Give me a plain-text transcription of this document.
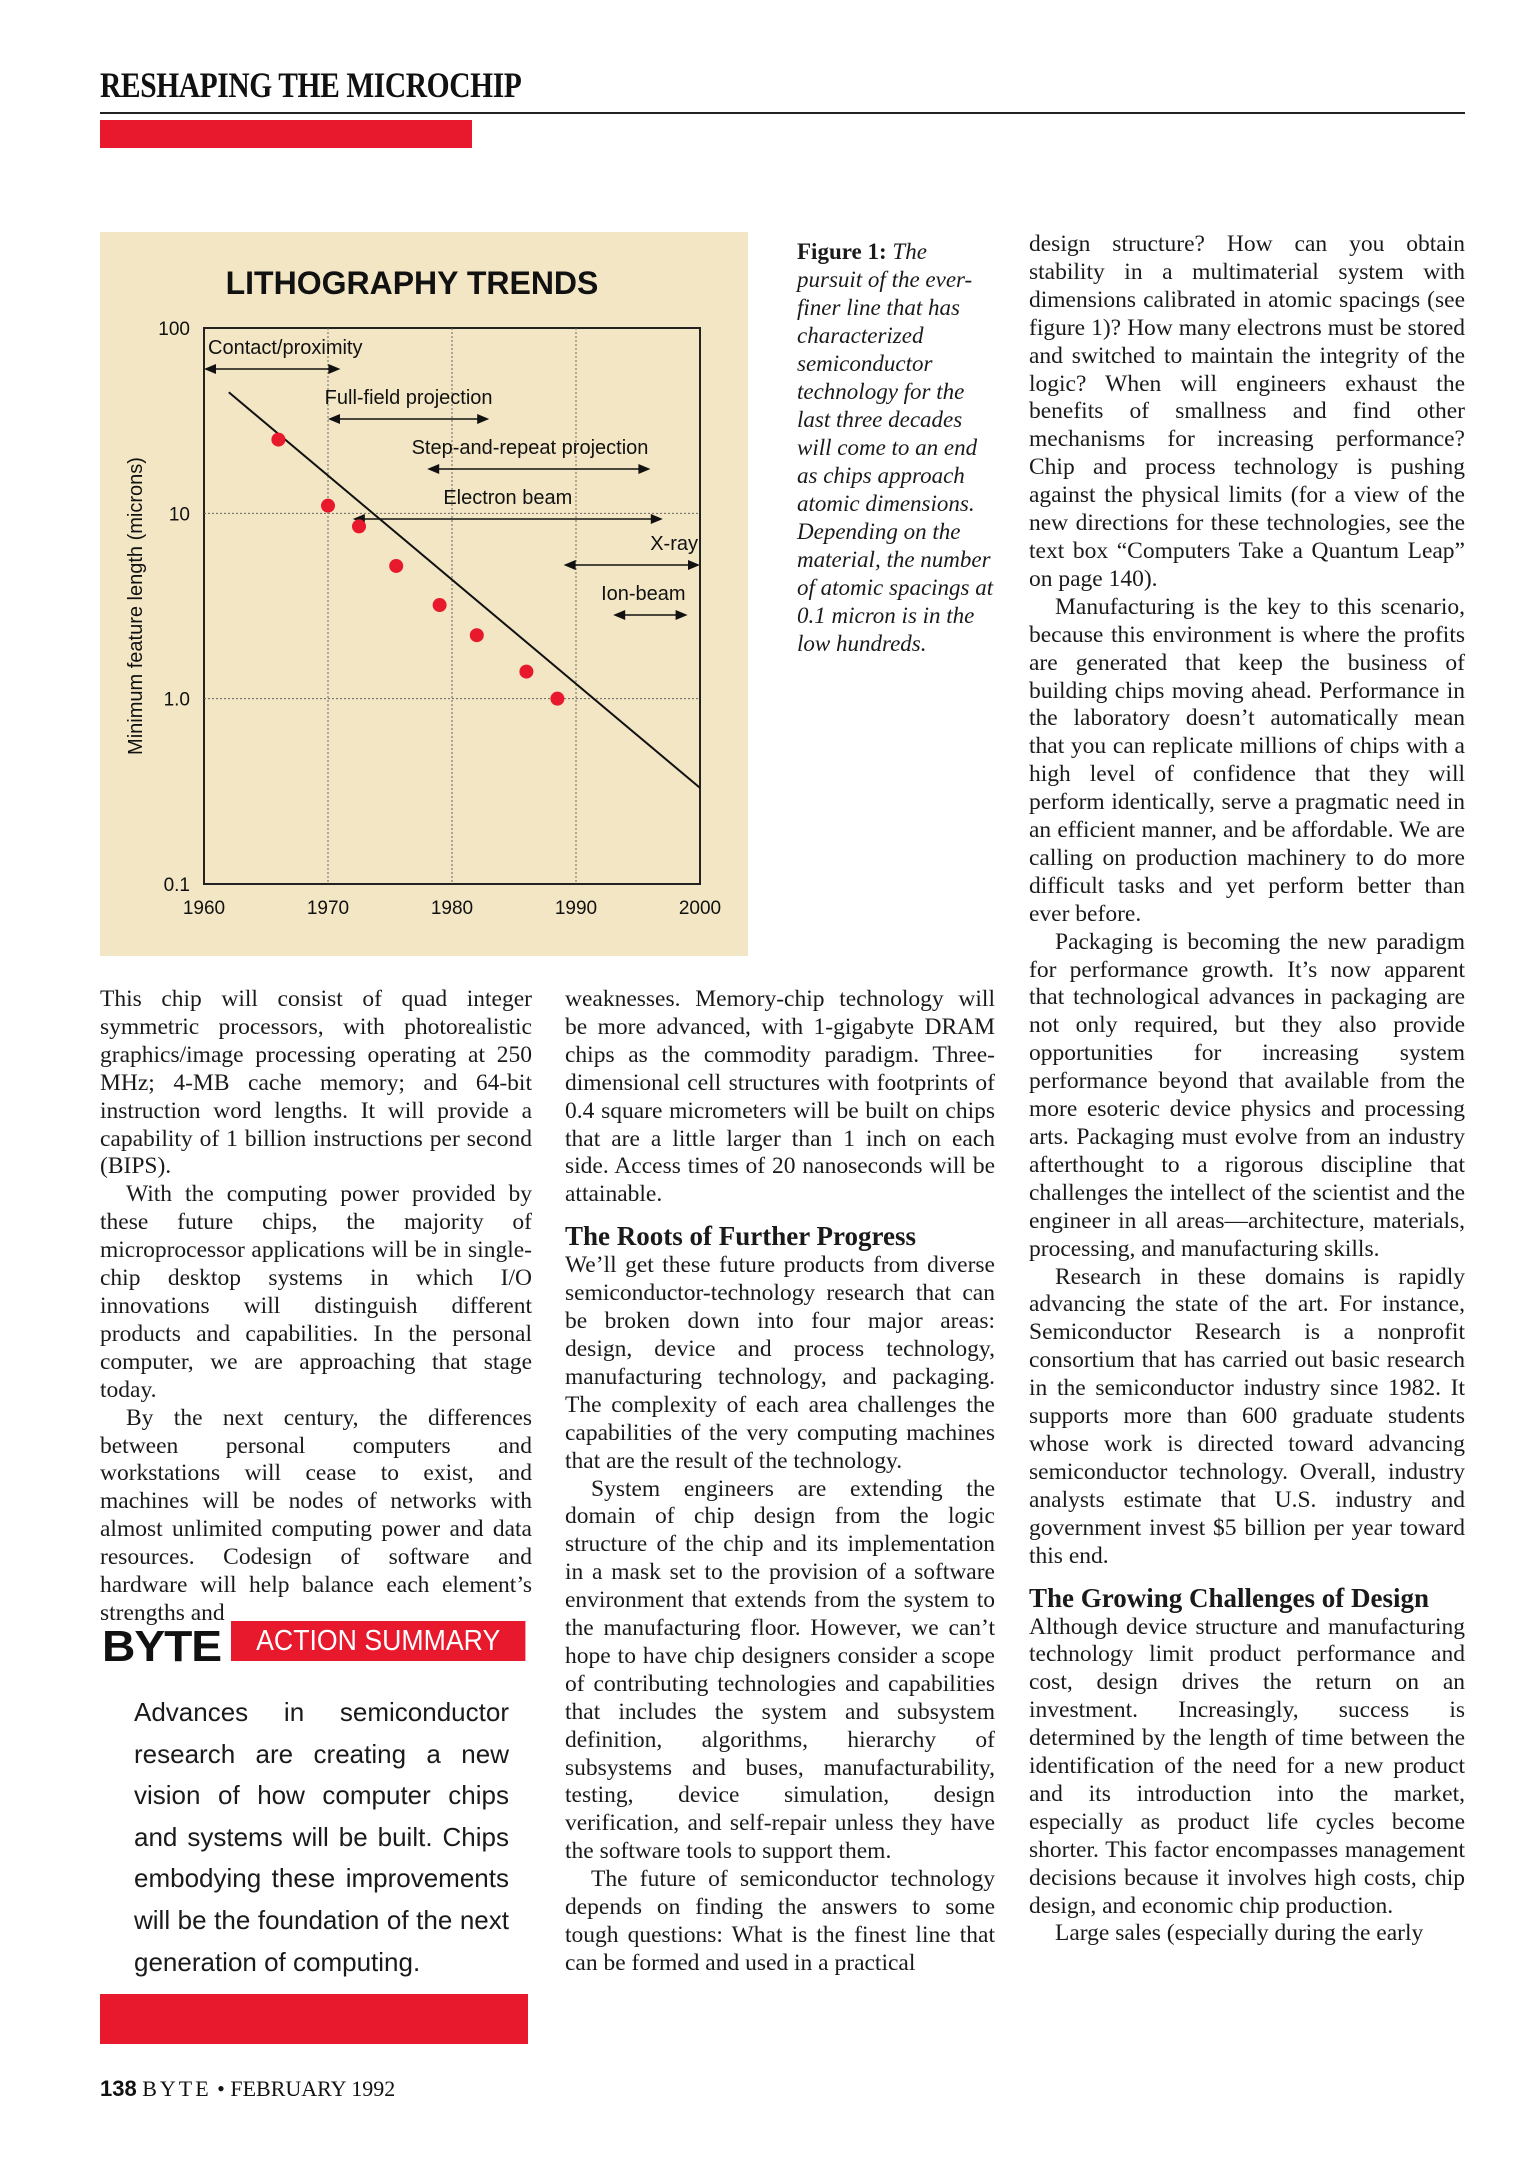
RESHAPING THE MICROCHIP
LITHOGRAPHY TRENDS
100
10
1.0
0.1
1960	1970	1980	1990	2000
Minimum feature length (microns)
Contact/proximity
Full-field projection
Step-and-repeat projection
Electron beam
X-ray
Ion-beam
Figure 1: The pursuit of the ever-finer line that has characterized semiconductor technology for the last three decades will come to an end as chips approach atomic dimensions. Depending on the material, the number of atomic spacings at 0.1 micron is in the low hundreds.

This chip will consist of quad integer symmetric processors, with photorealistic graphics/image processing operating at 250 MHz; 4-MB cache memory; and 64-bit instruction word lengths. It will provide a capability of 1 billion instructions per second (BIPS).

With the computing power provided by these future chips, the majority of microprocessor applications will be in single-chip desktop systems in which I/O innovations will distinguish different products and capabilities. In the personal computer, we are approaching that stage today.

By the next century, the differences between personal computers and workstations will cease to exist, and machines will be nodes of networks with almost unlimited computing power and data resources. Codesign of software and hardware will help balance each element’s strengths and

BYTE	ACTION SUMMARY
Advances in semiconductor research are creating a new vision of how computer chips and systems will be built. Chips embodying these improvements will be the foundation of the next generation of computing.

weaknesses. Memory-chip technology will be more advanced, with 1-gigabyte DRAM chips as the commodity paradigm. Three-dimensional cell structures with footprints of 0.4 square micrometers will be built on chips that are a little larger than 1 inch on each side. Access times of 20 nanoseconds will be attainable.

The Roots of Further Progress

We’ll get these future products from diverse semiconductor-technology research that can be broken down into four major areas: design, device and process technology, manufacturing technology, and packaging. The complexity of each area challenges the capabilities of the very computing machines that are the result of the technology.

System engineers are extending the domain of chip design from the logic structure of the chip and its implementation in a mask set to the provision of a software environment that extends from the system to the manufacturing floor. However, we can’t hope to have chip designers consider a scope of contributing technologies and capabilities that includes the system and subsystem definition, algorithms, hierarchy of subsystems and buses, manufacturability, testing, device simulation, design verification, and self-repair unless they have the software tools to support them.

The future of semiconductor technology depends on finding the answers to some tough questions: What is the finest line that can be formed and used in a practical

design structure? How can you obtain stability in a multimaterial system with dimensions calibrated in atomic spacings (see figure 1)? How many electrons must be stored and switched to maintain the integrity of the logic? When will engineers exhaust the benefits of smallness and find other mechanisms for increasing performance? Chip and process technology is pushing against the physical limits (for a view of the new directions for these technologies, see the text box “Computers Take a Quantum Leap” on page 140).

Manufacturing is the key to this scenario, because this environment is where the profits are generated that keep the business of building chips moving ahead. Performance in the laboratory doesn’t automatically mean that you can replicate millions of chips with a high level of confidence that they will perform identically, serve a pragmatic need in an efficient manner, and be affordable. We are calling on production machinery to do more difficult tasks and yet perform better than ever before.

Packaging is becoming the new paradigm for performance growth. It’s now apparent that technological advances in packaging are not only required, but they also provide opportunities for increasing system performance beyond that available from the more esoteric device physics and processing arts. Packaging must evolve from an industry afterthought to a rigorous discipline that challenges the intellect of the scientist and the engineer in all areas—architecture, materials, processing, and manufacturing skills.

Research in these domains is rapidly advancing the state of the art. For instance, Semiconductor Research is a nonprofit consortium that has carried out basic research in the semiconductor industry since 1982. It supports more than 600 graduate students whose work is directed toward advancing semiconductor technology. Overall, industry analysts estimate that U.S. industry and government invest $5 billion per year toward this end.

The Growing Challenges of Design

Although device structure and manufacturing technology limit product performance and cost, design drives the return on an investment. Increasingly, success is determined by the length of time between the identification of the need for a new product and its introduction into the market, especially as product life cycles become shorter. This factor encompasses management decisions because it involves high costs, chip design, and economic chip production.

Large sales (especially during the early

138 BYTE • FEBRUARY 1992
